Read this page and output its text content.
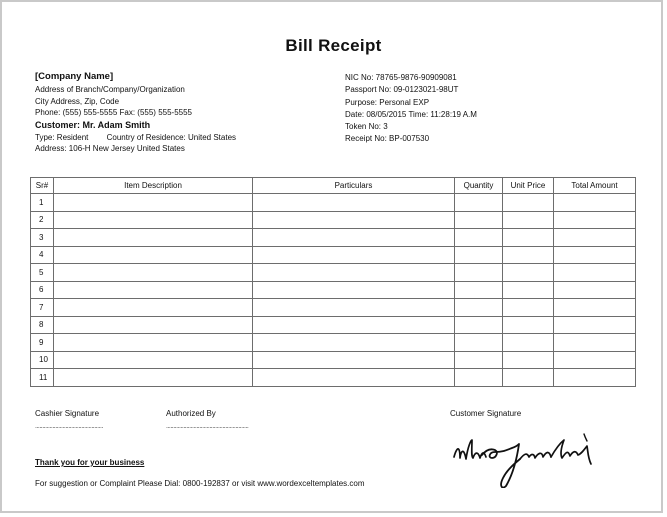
Bill Receipt
[Company Name]
Address of Branch/Company/Organization
City Address, Zip, Code
Phone: (555) 555-5555 Fax: (555) 555-5555
Customer: Mr. Adam Smith
Type: Resident Country of Residence: United States
Address: 106-H New Jersey United States
NIC No: 78765-9876-90909081
Passport No: 09-0123021-98UT
Purpose: Personal EXP
Date: 08/05/2015 Time: 11:28:19 A.M
Token No: 3
Receipt No: BP-007530
Sr#	Item Description	Particulars	Quantity	Unit Price	Total Amount
1					
2					
3					
4					
5					
6					
7					
8					
9					
10					
11					
Cashier Signature
...............................................
Authorized By
.........................................................
Customer Signature
Thank you for your business
For suggestion or Complaint Please Dial: 0800-192837 or visit www.wordexceltemplates.com
